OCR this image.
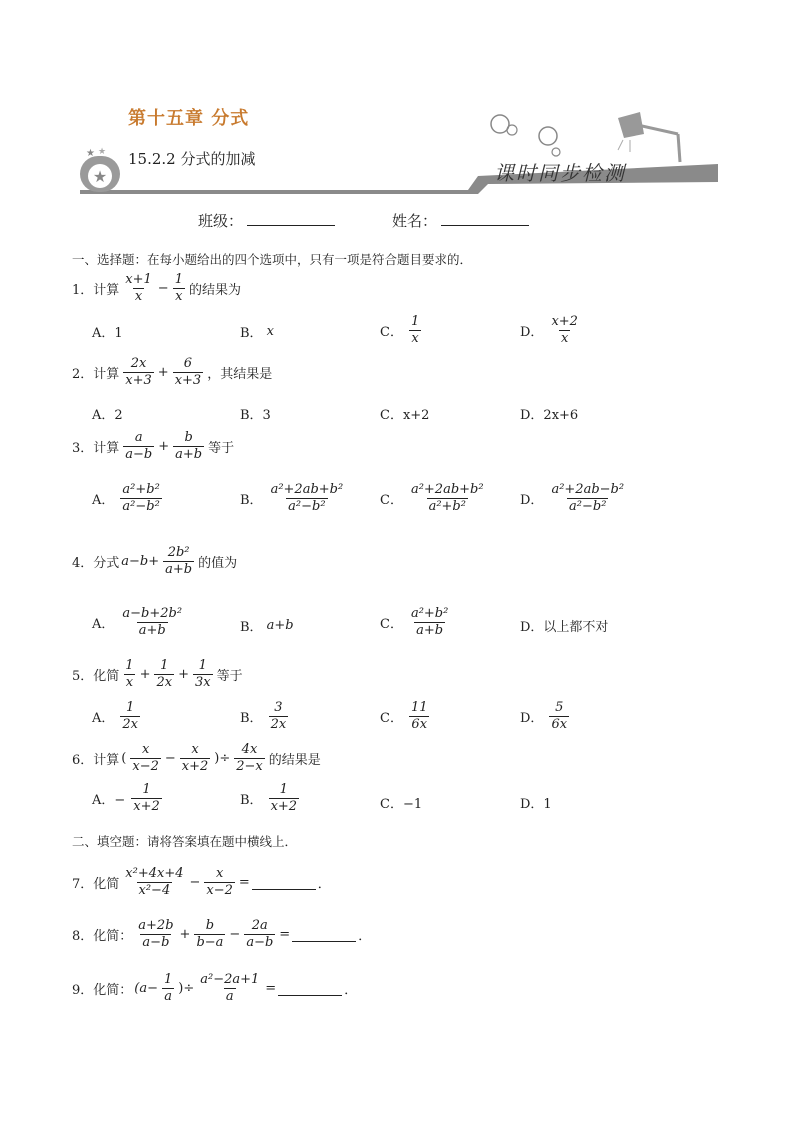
第十五章 分式
★
★ ★ 15.2.2 分式的加减
课时同步检测
班级：	姓名：
一、选择题：在每小题给出的四个选项中，只有一项是符合题目要求的．
1．计算 $\frac{x+1}{x} - \frac{1}{x}$ 的结果为
A．1	B． x	C． $\frac{1}{x}$	D． $\frac{x+2}{x}$
2．计算 $\frac{2x}{x+3} + \frac{6}{x+3}$ ，其结果是
A．2	B．3	C．x+2	D．2x+6
3．计算 $\frac{a}{a-b} + \frac{b}{a+b}$ 等于
A． $\frac{\text{a²+b²}}{\text{a²−b²}}$	B． $\frac{\text{a²+2ab+b²}}{\text{a²−b²}}$	C． $\frac{\text{a²+2ab+b²}}{\text{a²+b²}}$	D． $\frac{\text{a²+2ab−b²}}{\text{a²−b²}}$
4．分式 $a-b+ \frac{\text{2b²}}{a+b}$ 的值为
A． $\frac{\text{a−b+2b²}}{a+b}$	B． a+b	C． $\frac{\text{a²+b²}}{a+b}$	D．以上都不对
5．化简 $\frac{1}{x} + \frac{1}{2x} + \frac{1}{3x}$ 等于
A． $\frac{1}{2x}$	B． $\frac{3}{2x}$	C． $\frac{11}{6x}$	D． $\frac{5}{6x}$
6．计算 ( $\frac{x}{x-2} - \frac{x}{x+2}$ )÷ $\frac{4x}{2-x}$ 的结果是
A．− $\frac{1}{x+2}$	B． $\frac{1}{x+2}$	C．−1	D．1
二、填空题：请将答案填在题中横线上．
7．化简 $\frac{\text{x²+4x+4}}{\text{x²−4}} - \frac{x}{x-2}$ =	．
8．化简： $\frac{a+2b}{a-b} + \frac{b}{b-a} - \frac{2a}{a-b}$ =	．
9．化简： ($a- \frac{1}{a}$ )÷ $\frac{\text{a²−2a+1}}{a}$ =	．
